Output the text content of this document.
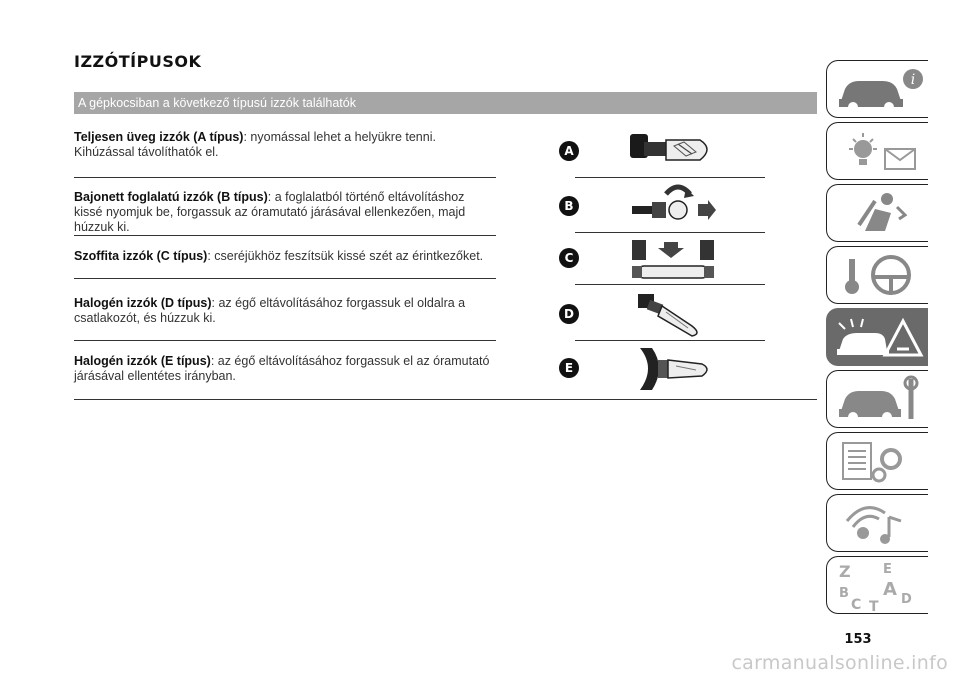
IZZÓTÍPUSOK
A gépkocsiban a következő típusú izzók találhatók
Teljesen üveg izzók (A típus): nyomással lehet a helyükre tenni. Kihúzással távolíthatók el.
Bajonett foglalatú izzók (B típus): a foglalatból történő eltávolításhoz kissé nyomjuk be, forgassuk az óramutató járásával ellenkezően, majd húzzuk ki.
Szoffita izzók (C típus): cseréjükhöz feszítsük kissé szét az érintkezőket.
Halogén izzók (D típus): az égő eltávolításához forgassuk el oldalra a csatlakozót, és húzzuk ki.
Halogén izzók (E típus): az égő eltávolításához forgassuk el az óramutató járásával ellentétes irányban.
A
B
C
D
E
i
Z E
B A
C T D
153
carmanualsonline.info
